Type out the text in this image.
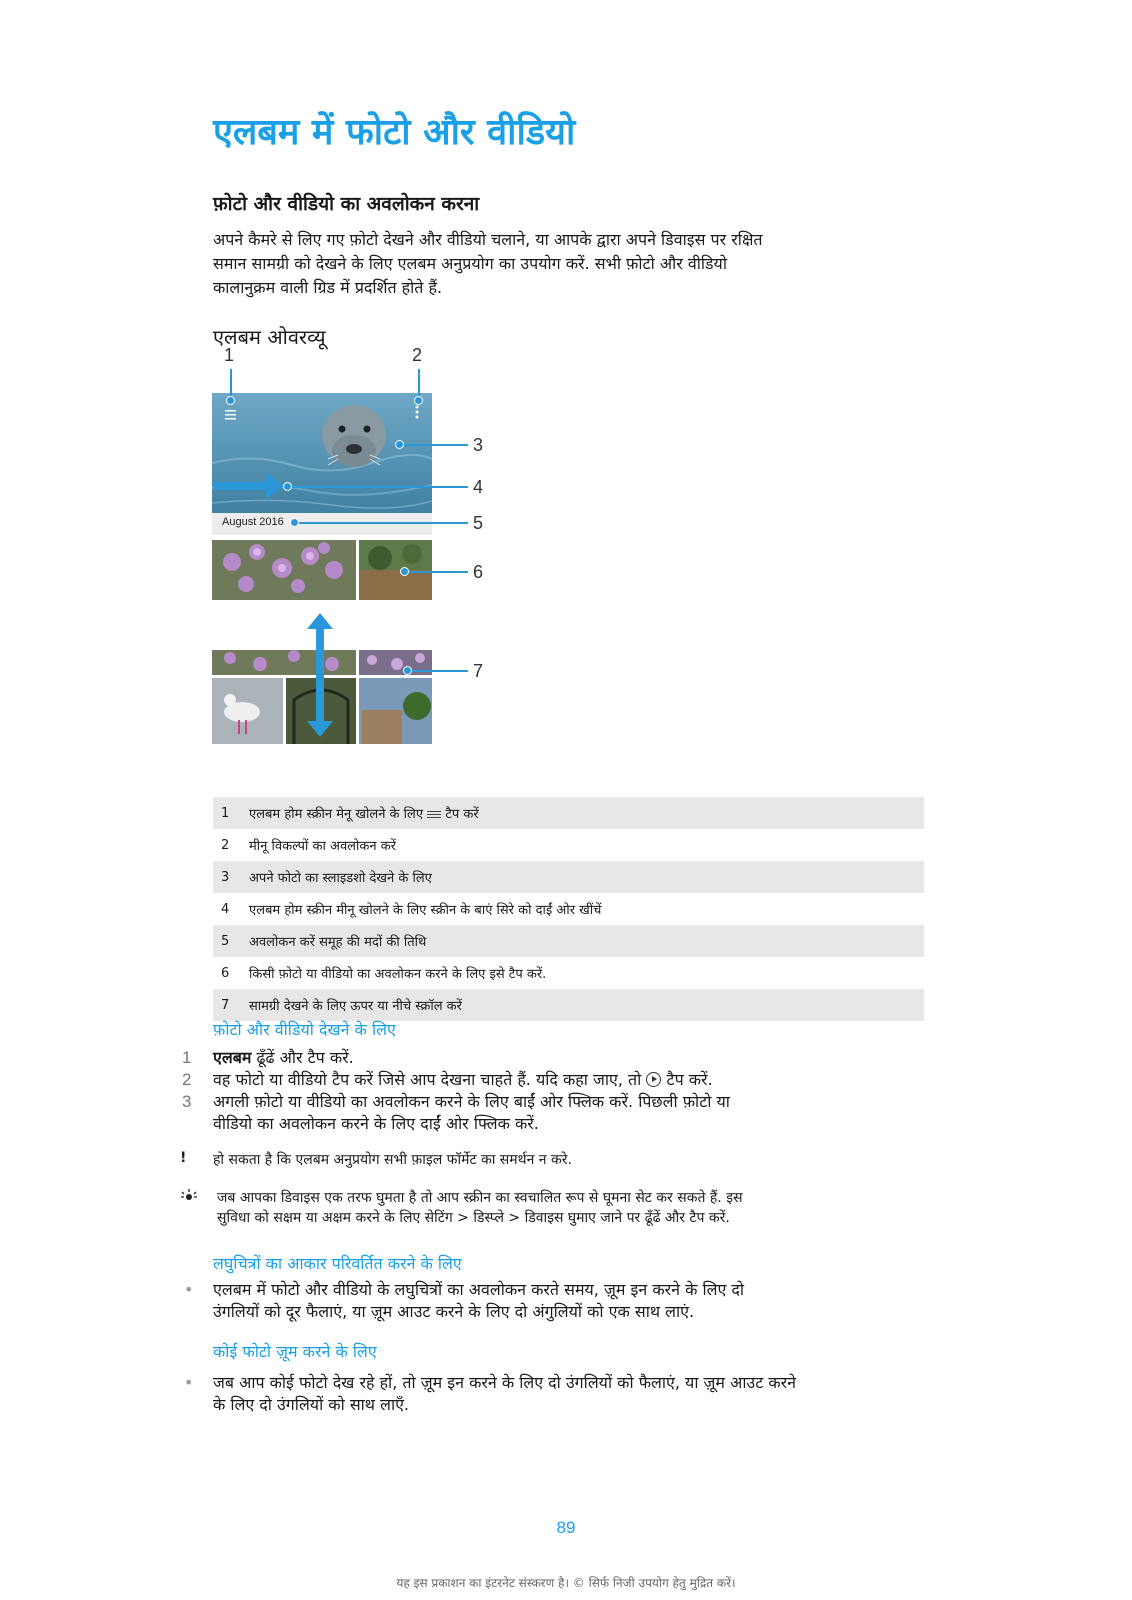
एलबम में फोटो और वीडियो
फ़ोटो और वीडियो का अवलोकन करना
अपने कैमरे से लिए गए फ़ोटो देखने और वीडियो चलाने, या आपके द्वारा अपने डिवाइस पर रक्षित
समान सामग्री को देखने के लिए एलबम अनुप्रयोग का उपयोग करें. सभी फ़ोटो और वीडियो
कालानुक्रम वाली ग्रिड में प्रदर्शित होते हैं.
एलबम ओवरव्यू
1	2
3
4
5
6
7
August 2016
1	एलबम होम स्क्रीन मेनू खोलने के लिए टैप करें
2	मीनू विकल्पों का अवलोकन करें
3	अपने फोटो का स्लाइडशो देखने के लिए
4	एलबम होम स्क्रीन मीनू खोलने के लिए स्क्रीन के बाएं सिरे को दाईं ओर खींचें
5	अवलोकन करें समूह की मदों की तिथि
6	किसी फ़ोटो या वीडियो का अवलोकन करने के लिए इसे टैप करें.
7	सामग्री देखने के लिए ऊपर या नीचे स्क्रॉल करें
फ़ोटो और वीडियो देखने के लिए
1	एलबम ढूँढें और टैप करें.
2	वह फोटो या वीडियो टैप करें जिसे आप देखना चाहते हैं. यदि कहा जाए, तो टैप करें.
3	अगली फ़ोटो या वीडियो का अवलोकन करने के लिए बाईं ओर फ्लिक करें. पिछली फ़ोटो या
वीडियो का अवलोकन करने के लिए दाईं ओर फ्लिक करें.
!	हो सकता है कि एलबम अनुप्रयोग सभी फ़ाइल फॉर्मेट का समर्थन न करे.
जब आपका डिवाइस एक तरफ घुमता है तो आप स्क्रीन का स्वचालित रूप से घूमना सेट कर सकते हैं. इस
सुविधा को सक्षम या अक्षम करने के लिए सेटिंग > डिस्प्ले > डिवाइस घुमाए जाने पर ढूँढें और टैप करें.
लघुचित्रों का आकार परिवर्तित करने के लिए
•	एलबम में फोटो और वीडियो के लघुचित्रों का अवलोकन करते समय, ज़ूम इन करने के लिए दो
उंगलियों को दूर फैलाएं, या ज़ूम आउट करने के लिए दो अंगुलियों को एक साथ लाएं.
कोई फोटो ज़ूम करने के लिए
•	जब आप कोई फोटो देख रहे हों, तो ज़ूम इन करने के लिए दो उंगलियों को फैलाएं, या ज़ूम आउट करने
के लिए दो उंगलियों को साथ लाएँ.
89
यह इस प्रकाशन का इंटरनेट संस्करण है। © सिर्फ निजी उपयोग हेतु मुद्रित करें।
